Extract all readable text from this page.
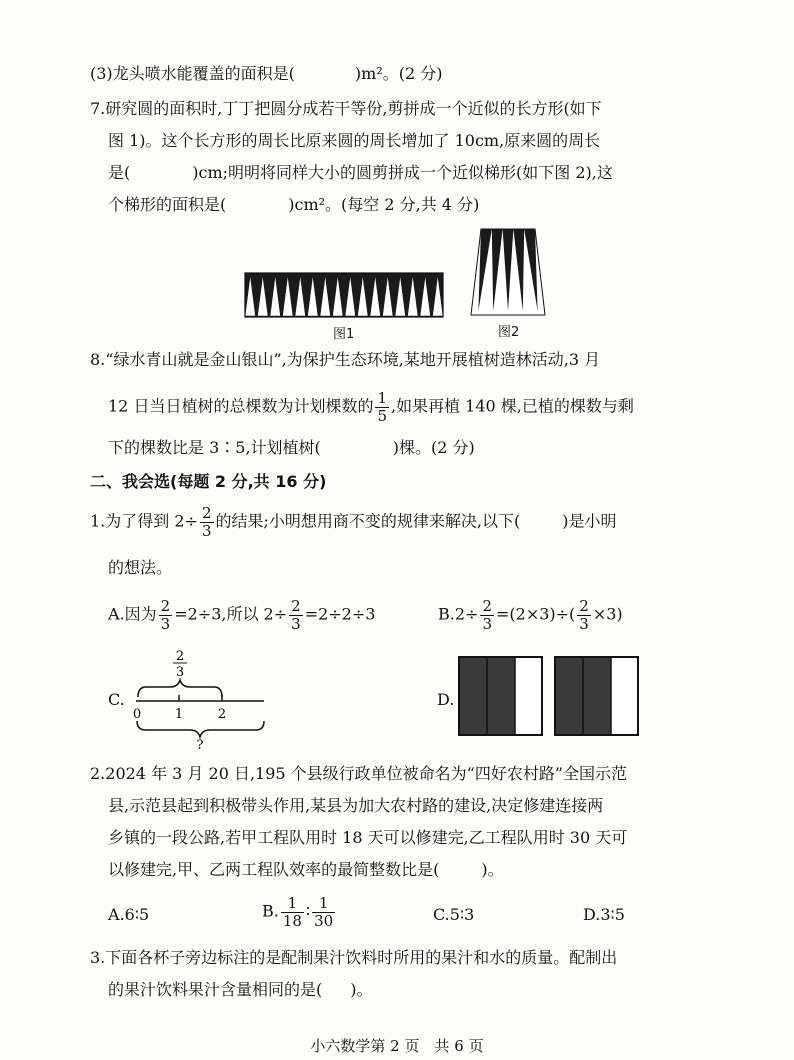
(3)龙头喷水能覆盖的面积是(	)m²。(2 分)
7.研究圆的面积时,丁丁把圆分成若干等份,剪拼成一个近似的长方形(如下
图 1)。这个长方形的周长比原来圆的周长增加了 10cm,原来圆的周长
是(	)cm;明明将同样大小的圆剪拼成一个近似梯形(如下图 2),这
个梯形的面积是(	)cm²。(每空 2 分,共 4 分)
图1	图2
8.“绿水青山就是金山银山”,为保护生态环境,某地开展植树造林活动,3 月
12 日当日植树的总棵数为计划棵数的 $\frac{1}{5}$ ,如果再植 140 棵,已植的棵数与剩
下的棵数比是 3∶5,计划植树(	)棵。(2 分)
二、我会选(每题 2 分,共 16 分)
1.为了得到 $2\div \frac{2}{3}$ 的结果;小明想用商不变的规律来解决,以下(	)是小明
的想法。
A.因为 $\frac{2}{3} =2\div 3$,所以 $2\div \frac{2}{3} =2\div 2\div 3$	$B.2\div \frac{2}{3} =(2\times 3)\div( \frac{2}{3} \times 3)$
C.
2
3
0	1	2
?
D.
2.2024 年 3 月 20 日,195 个县级行政单位被命名为“四好农村路”全国示范
县,示范县起到积极带头作用,某县为加大农村路的建设,决定修建连接两
乡镇的一段公路,若甲工程队用时 18 天可以修建完,乙工程队用时 30 天可
以修建完,甲、乙两工程队效率的最简整数比是(	)。
A.6∶5	B. $\frac{1}{18}$ ∶ $\frac{1}{30}$	C.5∶3	D.3∶5
3.下面各杯子旁边标注的是配制果汁饮料时所用的果汁和水的质量。配制出
的果汁饮料果汁含量相同的是( )。
小六数学第 2 页　共 6 页
